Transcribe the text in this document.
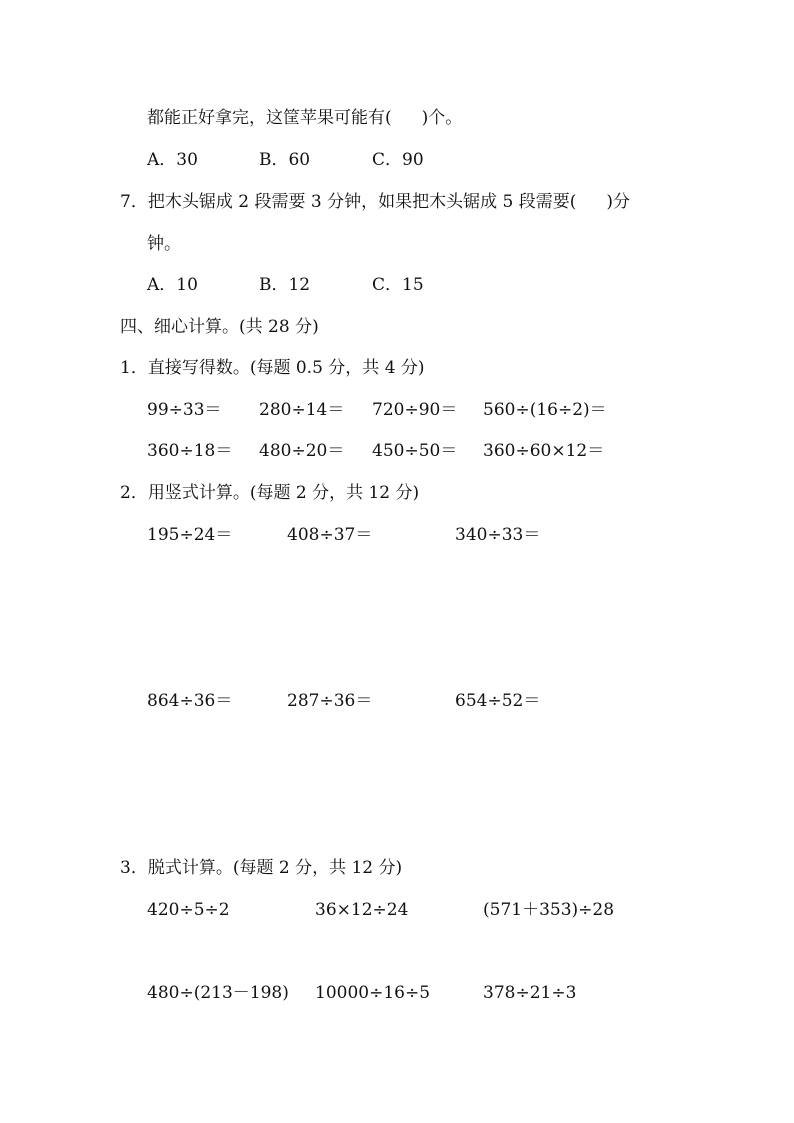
都能正好拿完，这筐苹果可能有( )个。
A．30	B．60	C．90
7．把木头锯成 2 段需要 3 分钟，如果把木头锯成 5 段需要( )分
钟。
A．10	B．12	C．15
四、细心计算。(共 28 分)
1．直接写得数。(每题 0.5 分，共 4 分)
99÷33＝ 280÷14＝ 720÷90＝ 560÷(16÷2)＝
360÷18＝ 480÷20＝ 450÷50＝ 360÷60×12＝
2．用竖式计算。(每题 2 分，共 12 分)
195÷24＝	408÷37＝	340÷33＝
864÷36＝	287÷36＝	654÷52＝
3．脱式计算。(每题 2 分，共 12 分)
420÷5÷2	36×12÷24	(571＋353)÷28
480÷(213－198) 10000÷16÷5	378÷21÷3
